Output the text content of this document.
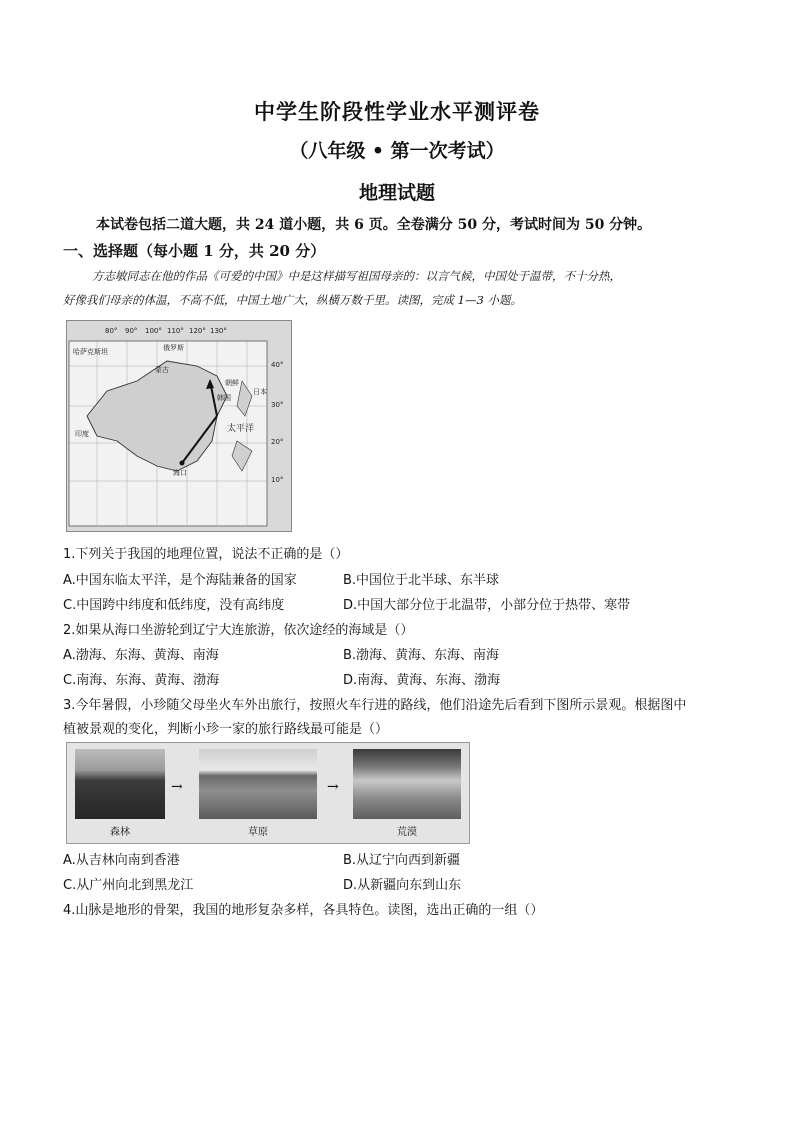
中学生阶段性学业水平测评卷
（八年级 • 第一次考试）
地理试题
本试卷包括二道大题，共 24 道小题，共 6 页。全卷满分 50 分，考试时间为 50 分钟。
一、选择题（每小题 1 分，共 20 分）
方志敏同志在他的作品《可爱的中国》中是这样描写祖国母亲的：以言气候，中国处于温带，不十分热，
好像我们母亲的体温，不高不低，中国土地广大，纵横万数千里。读图，完成 1—3 小题。
80° 90° 100° 110° 120° 130°
40°
30°
20°
10°
哈萨克斯坦	俄罗斯
蒙古
朝鲜
韩国
日本
印度	太平洋
海口
1.下列关于我国的地理位置，说法不正确的是（）
A.中国东临太平洋，是个海陆兼备的国家	B.中国位于北半球、东半球
C.中国跨中纬度和低纬度，没有高纬度	D.中国大部分位于北温带，小部分位于热带、寒带
2.如果从海口坐游轮到辽宁大连旅游，依次途经的海域是（）
A.渤海、东海、黄海、南海	B.渤海、黄海、东海、南海
C.南海、东海、黄海、渤海	D.南海、黄海、东海、渤海
3.今年暑假，小珍随父母坐火车外出旅行，按照火车行进的路线，他们沿途先后看到下图所示景观。根据图中
植被景观的变化，判断小珍一家的旅行路线最可能是（）
→	→
森林	草原	荒漠
A.从吉林向南到香港	B.从辽宁向西到新疆
C.从广州向北到黑龙江	D.从新疆向东到山东
4.山脉是地形的骨架，我国的地形复杂多样，各具特色。读图，选出正确的一组（）
